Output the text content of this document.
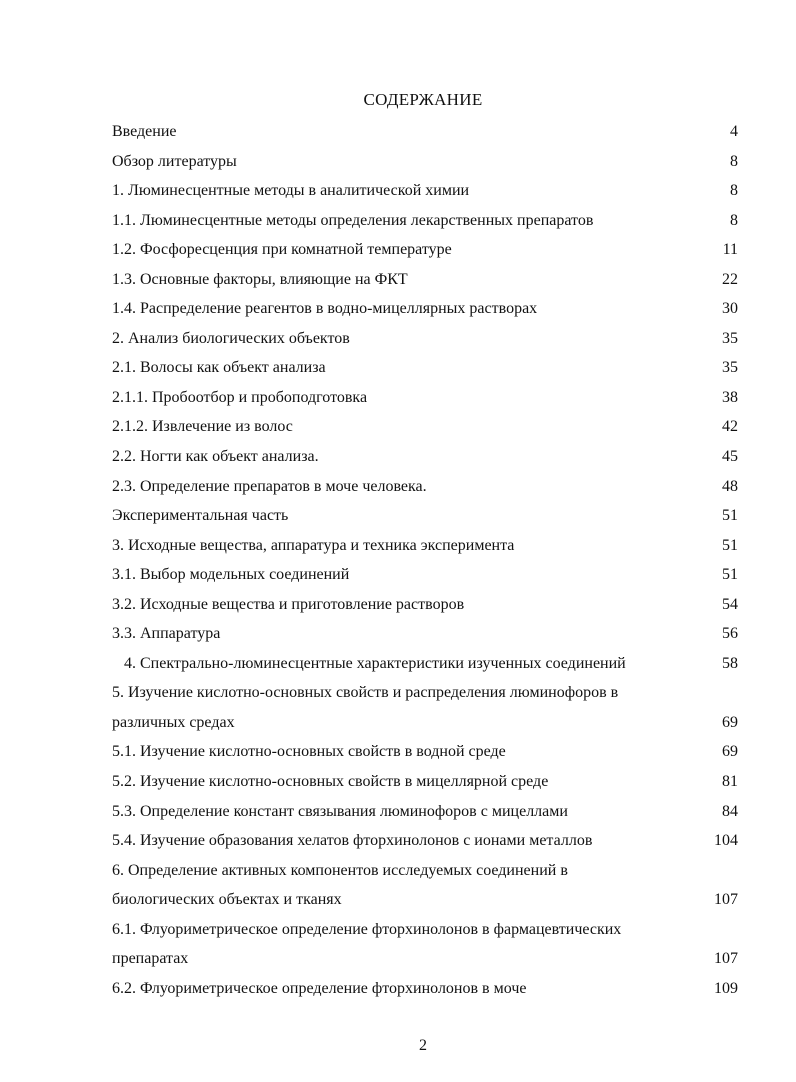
СОДЕРЖАНИЕ
Введение	4
Обзор литературы	8
1. Люминесцентные методы в аналитической химии	8
1.1. Люминесцентные методы определения лекарственных препаратов	8
1.2. Фосфоресценция при комнатной температуре	11
1.3. Основные факторы, влияющие на ФКТ	22
1.4. Распределение реагентов в водно-мицеллярных растворах	30
2. Анализ биологических объектов	35
2.1. Волосы как объект анализа	35
2.1.1. Пробоотбор и пробоподготовка	38
2.1.2. Извлечение из волос	42
2.2. Ногти как объект анализа.	45
2.3. Определение препаратов в моче человека.	48
Экспериментальная часть	51
3. Исходные вещества, аппаратура и техника эксперимента	51
3.1. Выбор модельных соединений	51
3.2. Исходные вещества и приготовление растворов	54
3.3. Аппаратура	56
4. Спектрально-люминесцентные характеристики изученных соединений	58
5. Изучение кислотно-основных свойств и распределения люминофоров в
различных средах	69
5.1. Изучение кислотно-основных свойств в водной среде	69
5.2. Изучение кислотно-основных свойств в мицеллярной среде	81
5.3. Определение констант связывания люминофоров с мицеллами	84
5.4. Изучение образования хелатов фторхинолонов с ионами металлов	104
6. Определение активных компонентов исследуемых соединений в
биологических объектах и тканях	107
6.1. Флуориметрическое определение фторхинолонов в фармацевтических
препаратах	107
6.2. Флуориметрическое определение фторхинолонов в моче	109
2
